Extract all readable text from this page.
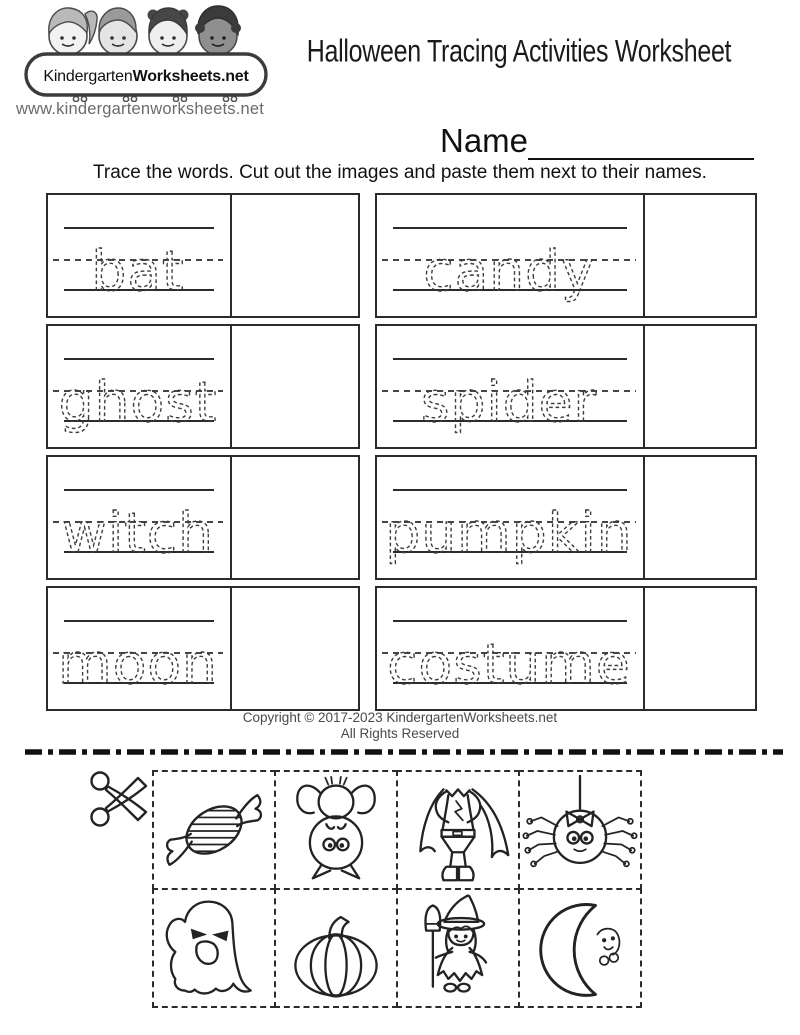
KindergartenWorksheets.net
www.kindergartenworksheets.net
Halloween Tracing Activities Worksheet
Name
Trace the words. Cut out the images and paste them next to their names.
bat	candy
ghost	spider
witch	pumpkin
moon	costume
Copyright © 2017-2023 KindergartenWorksheets.net
All Rights Reserved
